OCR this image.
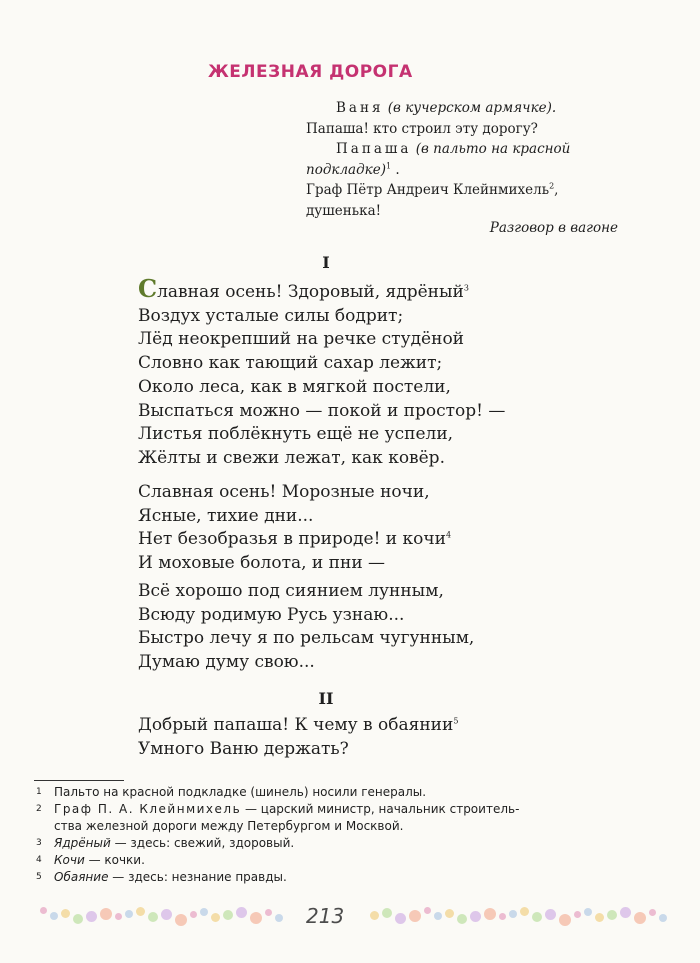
ЖЕЛЕЗНАЯ ДОРОГА
Ваня (в кучерском армячке).
Папаша! кто строил эту дорогу?
Папаша (в пальто на красной
подкладке)$^1$ .
Граф Пётр Андреич Клейнмихель$^2$,
душенька!
Разговор в вагоне
I
Славная осень! Здоровый, ядрёный$^3$
Воздух усталые силы бодрит;
Лёд неокрепший на речке студёной
Словно как тающий сахар лежит;
Около леса, как в мягкой постели,
Выспаться можно — покой и простор! —
Листья поблёкнуть ещё не успели,
Жёлты и свежи лежат, как ковёр.
Славная осень! Морозные ночи,
Ясные, тихие дни...
Нет безобразья в природе! и кочи$^4$
И моховые болота, и пни —
Всё хорошо под сиянием лунным,
Всюду родимую Русь узнаю...
Быстро лечу я по рельсам чугунным,
Думаю думу свою...
II
Добрый папаша! К чему в обаянии$^5$
Умного Ваню держать?
1 Пальто на красной подкладке (шинель) носили генералы.
2 Граф П. А. Клейнмихель — царский министр, начальник строитель-
ства железной дороги между Петербургом и Москвой.
3 Ядрёный — здесь: свежий, здоровый.
4 Кочи — кочки.
5 Обаяние — здесь: незнание правды.
213
